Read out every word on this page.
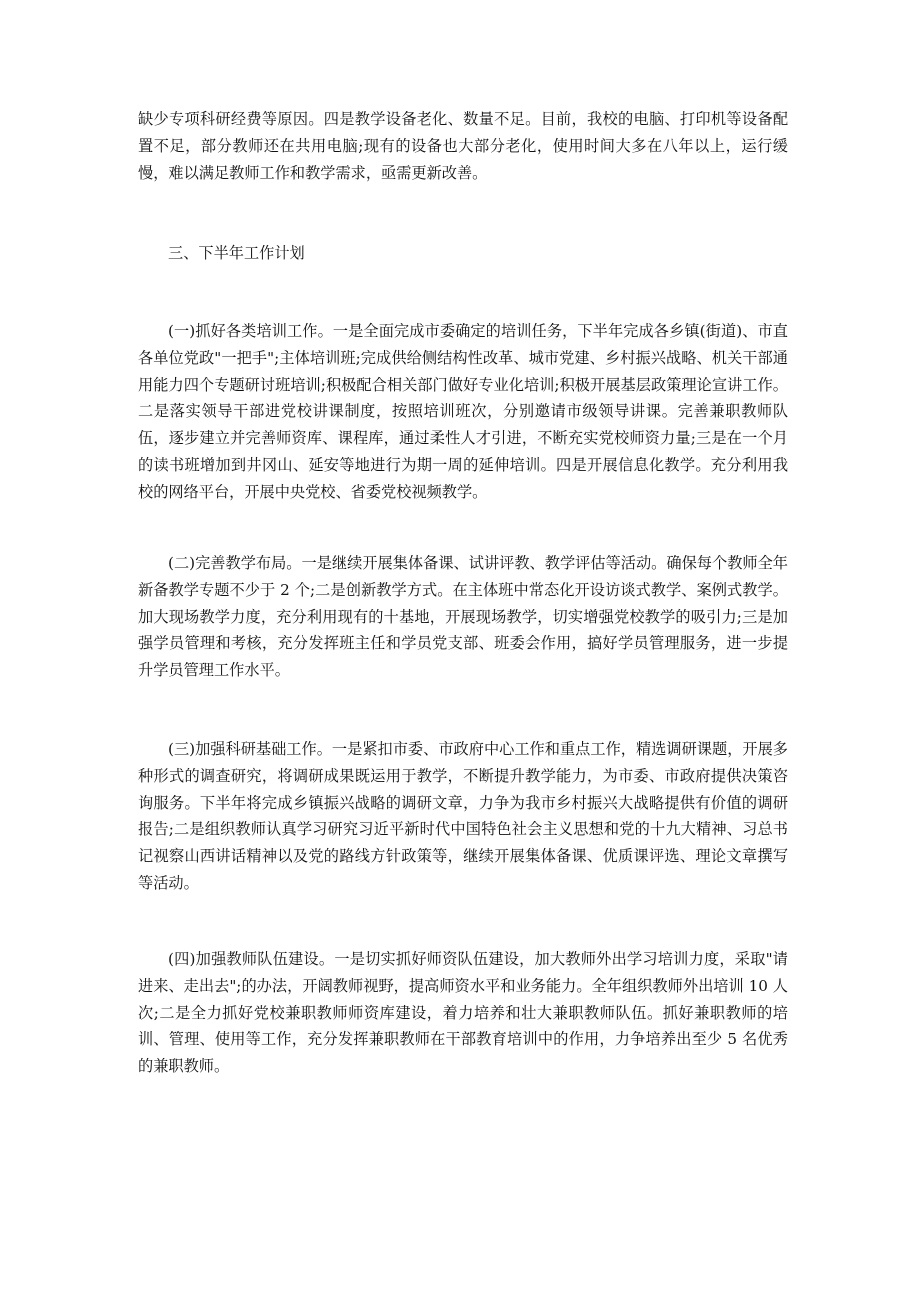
缺少专项科研经费等原因。四是教学设备老化、数量不足。目前，我校的电脑、打印机等设备配置不足，部分教师还在共用电脑;现有的设备也大部分老化，使用时间大多在八年以上，运行缓慢，难以满足教师工作和教学需求，亟需更新改善。

三、下半年工作计划

(一)抓好各类培训工作。一是全面完成市委确定的培训任务，下半年完成各乡镇(街道)、市直各单位党政"一把手";主体培训班;完成供给侧结构性改革、城市党建、乡村振兴战略、机关干部通用能力四个专题研讨班培训;积极配合相关部门做好专业化培训;积极开展基层政策理论宣讲工作。二是落实领导干部进党校讲课制度，按照培训班次，分别邀请市级领导讲课。完善兼职教师队伍，逐步建立并完善师资库、课程库，通过柔性人才引进，不断充实党校师资力量;三是在一个月的读书班增加到井冈山、延安等地进行为期一周的延伸培训。四是开展信息化教学。充分利用我校的网络平台，开展中央党校、省委党校视频教学。

(二)完善教学布局。一是继续开展集体备课、试讲评教、教学评估等活动。确保每个教师全年新备教学专题不少于 2 个;二是创新教学方式。在主体班中常态化开设访谈式教学、案例式教学。加大现场教学力度，充分利用现有的十基地，开展现场教学，切实增强党校教学的吸引力;三是加强学员管理和考核，充分发挥班主任和学员党支部、班委会作用，搞好学员管理服务，进一步提升学员管理工作水平。

(三)加强科研基础工作。一是紧扣市委、市政府中心工作和重点工作，精选调研课题，开展多种形式的调查研究，将调研成果既运用于教学，不断提升教学能力，为市委、市政府提供决策咨询服务。下半年将完成乡镇振兴战略的调研文章，力争为我市乡村振兴大战略提供有价值的调研报告;二是组织教师认真学习研究习近平新时代中国特色社会主义思想和党的十九大精神、习总书记视察山西讲话精神以及党的路线方针政策等，继续开展集体备课、优质课评选、理论文章撰写等活动。

(四)加强教师队伍建设。一是切实抓好师资队伍建设，加大教师外出学习培训力度，采取"请进来、走出去";的办法，开阔教师视野，提高师资水平和业务能力。全年组织教师外出培训 10 人次;二是全力抓好党校兼职教师师资库建设，着力培养和壮大兼职教师队伍。抓好兼职教师的培训、管理、使用等工作，充分发挥兼职教师在干部教育培训中的作用，力争培养出至少 5 名优秀的兼职教师。
